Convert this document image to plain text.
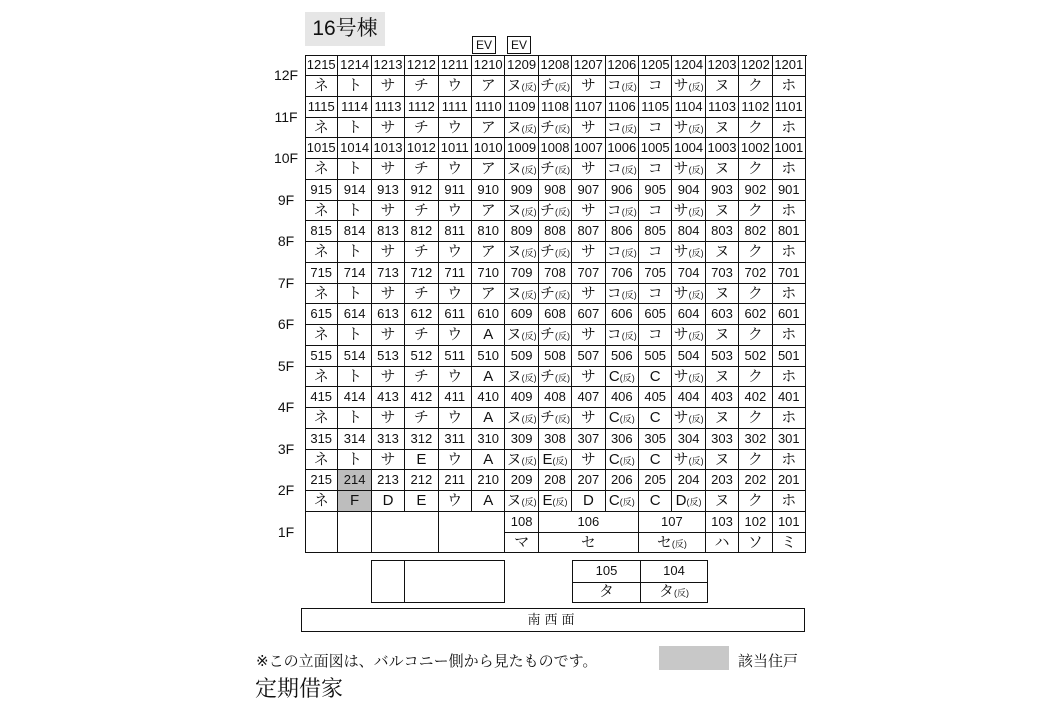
16号棟
EV	EV
12F
11F
10F
9F
8F
7F
6F
5F
4F
3F
2F
1F
1215
ネ
1214
ト
1213
サ
1212
チ
1211
ウ
1210
ア
1209
ヌ(反)
1208
チ(反)
1207
サ
1206
コ(反)
1205
コ
1204
サ(反)
1203
ヌ
1202
ク
1201
ホ
1115
ネ
1114
ト
1113
サ
1112
チ
1111
ウ
1110
ア
1109
ヌ(反)
1108
チ(反)
1107
サ
1106
コ(反)
1105
コ
1104
サ(反)
1103
ヌ
1102
ク
1101
ホ
1015
ネ
1014
ト
1013
サ
1012
チ
1011
ウ
1010
ア
1009
ヌ(反)
1008
チ(反)
1007
サ
1006
コ(反)
1005
コ
1004
サ(反)
1003
ヌ
1002
ク
1001
ホ
915
ネ
914
ト
913
サ
912
チ
911
ウ
910
ア
909
ヌ(反)
908
チ(反)
907
サ
906
コ(反)
905
コ
904
サ(反)
903
ヌ
902
ク
901
ホ
815
ネ
814
ト
813
サ
812
チ
811
ウ
810
ア
809
ヌ(反)
808
チ(反)
807
サ
806
コ(反)
805
コ
804
サ(反)
803
ヌ
802
ク
801
ホ
715
ネ
714
ト
713
サ
712
チ
711
ウ
710
ア
709
ヌ(反)
708
チ(反)
707
サ
706
コ(反)
705
コ
704
サ(反)
703
ヌ
702
ク
701
ホ
615
ネ
614
ト
613
サ
612
チ
611
ウ
610
A
609
ヌ(反)
608
チ(反)
607
サ
606
コ(反)
605
コ
604
サ(反)
603
ヌ
602
ク
601
ホ
515
ネ
514
ト
513
サ
512
チ
511
ウ
510
A
509
ヌ(反)
508
チ(反)
507
サ
506
C(反)
505
C
504
サ(反)
503
ヌ
502
ク
501
ホ
415
ネ
414
ト
413
サ
412
チ
411
ウ
410
A
409
ヌ(反)
408
チ(反)
407
サ
406
C(反)
405
C
404
サ(反)
403
ヌ
402
ク
401
ホ
315
ネ
314
ト
313
サ
312
E
311
ウ
310
A
309
ヌ(反)
308
E(反)
307
サ
306
C(反)
305
C
304
サ(反)
303
ヌ
302
ク
301
ホ
215
ネ
214
F
213
D
212
E
211
ウ
210
A
209
ヌ(反)
208
E(反)
207
D
206
C(反)
205
C
204
D(反)
203
ヌ
202
ク
201
ホ
108
マ
106
セ
107
セ(反)
103
ハ
102
ソ
101
ミ
105
タ
104
タ(反)
南西面
※この立面図は、バルコニー側から見たものです。	該当住戸
定期借家
